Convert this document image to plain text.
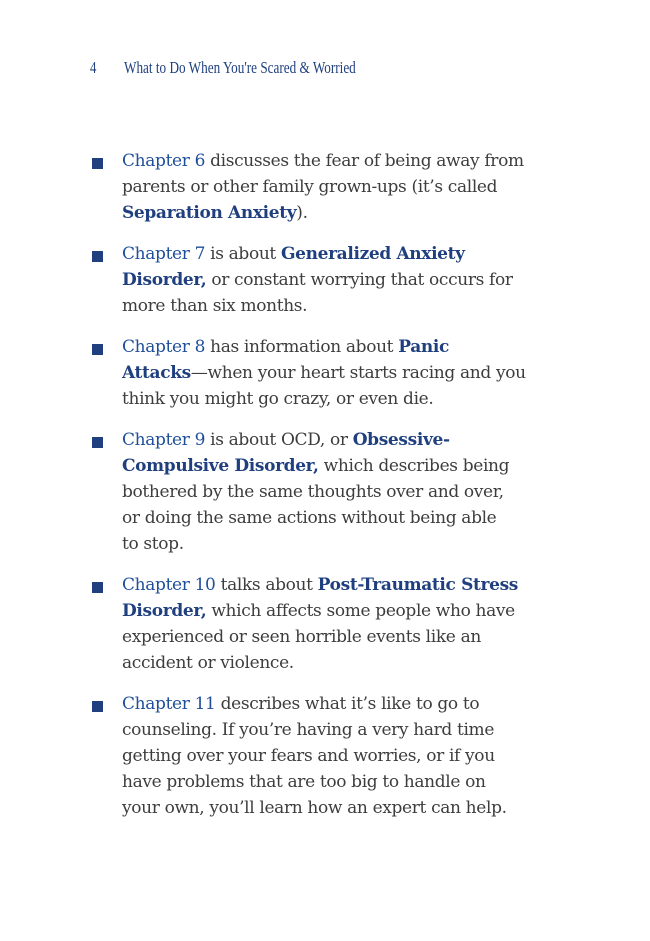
4	What to Do When You're Scared & Worried
Chapter 6 discusses the fear of being away from
parents or other family grown-ups (it’s called
Separation Anxiety).
Chapter 7 is about Generalized Anxiety
Disorder, or constant worrying that occurs for
more than six months.
Chapter 8 has information about Panic
Attacks—when your heart starts racing and you
think you might go crazy, or even die.
Chapter 9 is about OCD, or Obsessive-
Compulsive Disorder, which describes being
bothered by the same thoughts over and over,
or doing the same actions without being able
to stop.
Chapter 10 talks about Post-Traumatic Stress
Disorder, which affects some people who have
experienced or seen horrible events like an
accident or violence.
Chapter 11 describes what it’s like to go to
counseling. If you’re having a very hard time
getting over your fears and worries, or if you
have problems that are too big to handle on
your own, you’ll learn how an expert can help.
